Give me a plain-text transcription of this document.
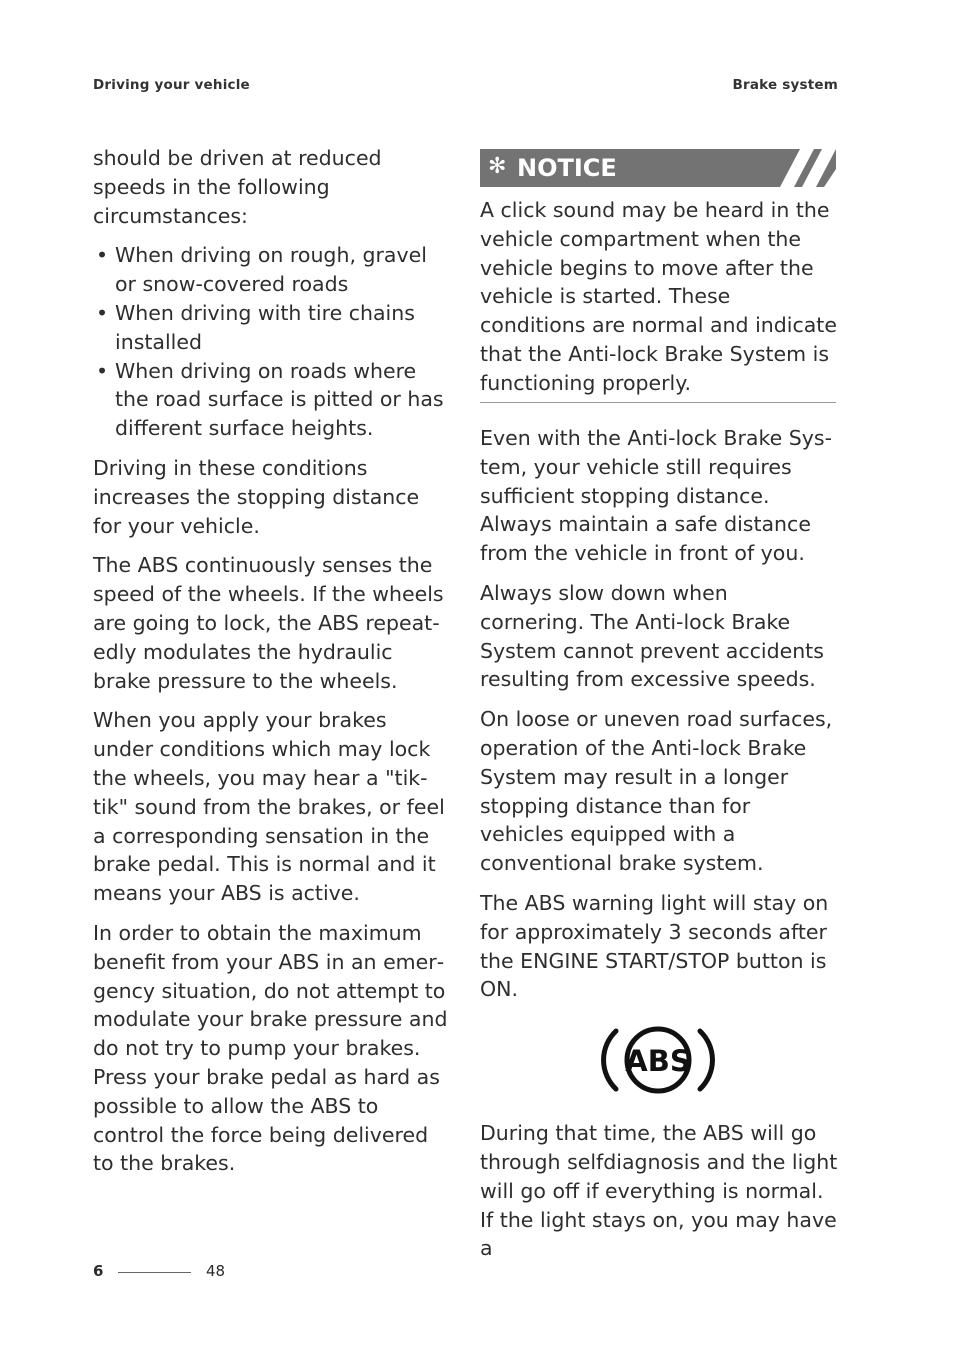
Driving your vehicle	Brake system

should be driven at reduced speeds in the following circumstances:

• When driving on rough, gravel or snow-covered roads
• When driving with tire chains installed
• When driving on roads where the road surface is pitted or has different surface heights.

Driving in these conditions increases the stopping distance for your vehicle.

The ABS continuously senses the speed of the wheels. If the wheels are going to lock, the ABS repeatedly modulates the hydraulic brake pressure to the wheels.

When you apply your brakes under conditions which may lock the wheels, you may hear a "tik-tik" sound from the brakes, or feel a corresponding sensation in the brake pedal. This is normal and it means your ABS is active.

In order to obtain the maximum benefit from your ABS in an emergency situation, do not attempt to modulate your brake pressure and do not try to pump your brakes. Press your brake pedal as hard as possible to allow the ABS to control the force being delivered to the brakes.

✻ NOTICE

A click sound may be heard in the vehicle compartment when the vehicle begins to move after the vehicle is started. These conditions are normal and indicate that the Anti-lock Brake System is functioning properly.

Even with the Anti-lock Brake System, your vehicle still requires sufficient stopping distance. Always maintain a safe distance from the vehicle in front of you.

Always slow down when cornering. The Anti-lock Brake System cannot prevent accidents resulting from excessive speeds.

On loose or uneven road surfaces, operation of the Anti-lock Brake System may result in a longer stopping distance than for vehicles equipped with a conventional brake system.

The ABS warning light will stay on for approximately 3 seconds after the ENGINE START/STOP button is ON.

During that time, the ABS will go through selfdiagnosis and the light will go off if everything is normal. If the light stays on, you may have a

ABS
6	48
